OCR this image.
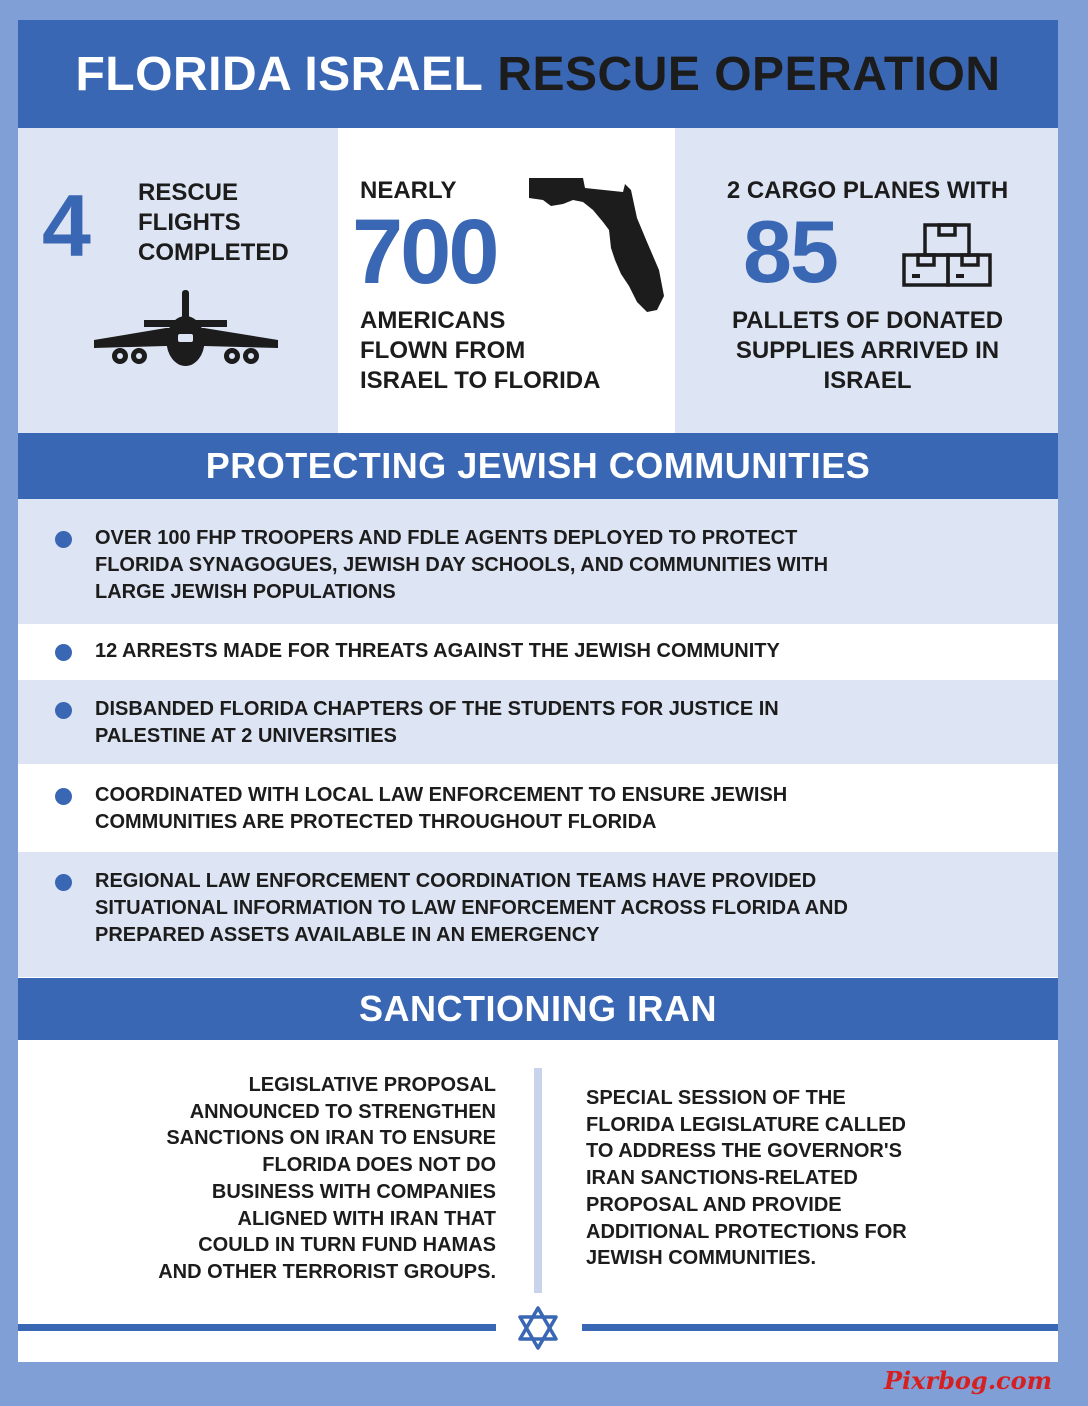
FLORIDA ISRAEL RESCUE OPERATION
4 RESCUE
FLIGHTS
COMPLETED
NEARLY
700
AMERICANS
FLOWN FROM
ISRAEL TO FLORIDA
2 CARGO PLANES WITH
85
PALLETS OF DONATED
SUPPLIES ARRIVED IN
ISRAEL
PROTECTING JEWISH COMMUNITIES
OVER 100 FHP TROOPERS AND FDLE AGENTS DEPLOYED TO PROTECT
FLORIDA SYNAGOGUES, JEWISH DAY SCHOOLS, AND COMMUNITIES WITH
LARGE JEWISH POPULATIONS
12 ARRESTS MADE FOR THREATS AGAINST THE JEWISH COMMUNITY
DISBANDED FLORIDA CHAPTERS OF THE STUDENTS FOR JUSTICE IN
PALESTINE AT 2 UNIVERSITIES
COORDINATED WITH LOCAL LAW ENFORCEMENT TO ENSURE JEWISH
COMMUNITIES ARE PROTECTED THROUGHOUT FLORIDA
REGIONAL LAW ENFORCEMENT COORDINATION TEAMS HAVE PROVIDED
SITUATIONAL INFORMATION TO LAW ENFORCEMENT ACROSS FLORIDA AND
PREPARED ASSETS AVAILABLE IN AN EMERGENCY
SANCTIONING IRAN
LEGISLATIVE PROPOSAL
ANNOUNCED TO STRENGTHEN
SANCTIONS ON IRAN TO ENSURE
FLORIDA DOES NOT DO
BUSINESS WITH COMPANIES
ALIGNED WITH IRAN THAT
COULD IN TURN FUND HAMAS
AND OTHER TERRORIST GROUPS.
SPECIAL SESSION OF THE
FLORIDA LEGISLATURE CALLED
TO ADDRESS THE GOVERNOR'S
IRAN SANCTIONS-RELATED
PROPOSAL AND PROVIDE
ADDITIONAL PROTECTIONS FOR
JEWISH COMMUNITIES.
Pixrbog.com
